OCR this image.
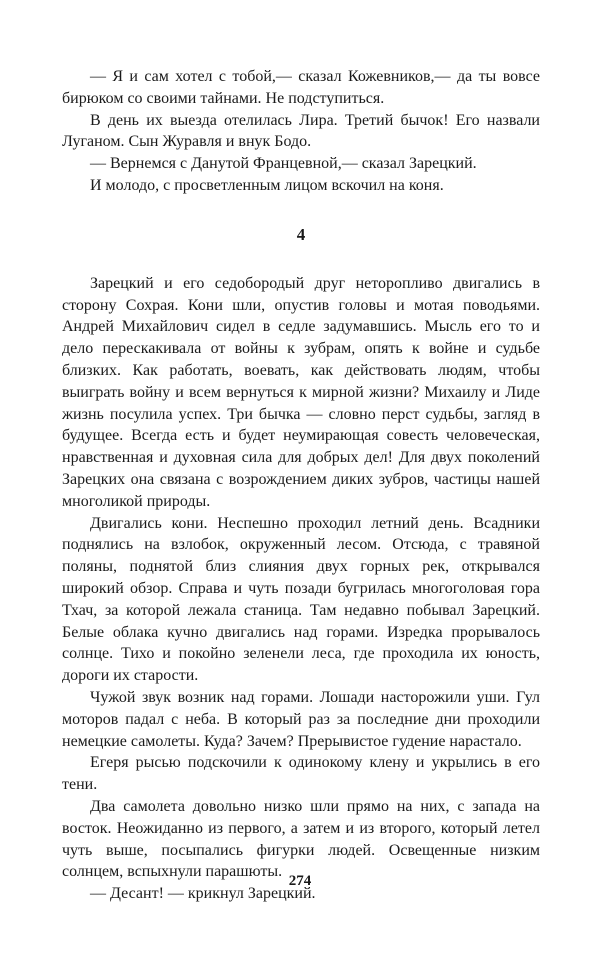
— Я и сам хотел с тобой,— сказал Кожевников,— да ты вовсе бирюком со своими тайнами. Не подступиться.

В день их выезда отелилась Лира. Третий бычок! Его назвали Луганом. Сын Журавля и внук Бодо.

— Вернемся с Данутой Францевной,— сказал Зарецкий.

И молодо, с просветленным лицом вскочил на коня.

4

Зарецкий и его седобородый друг неторопливо двигались в сторону Сохрая. Кони шли, опустив головы и мотая поводьями. Андрей Михайлович сидел в седле задумавшись. Мысль его то и дело перескакивала от войны к зубрам, опять к войне и судьбе близких. Как работать, воевать, как действовать людям, чтобы выиграть войну и всем вернуться к мирной жизни? Михаилу и Лиде жизнь посулила успех. Три бычка — словно перст судьбы, загляд в будущее. Всегда есть и будет неумирающая совесть человеческая, нравственная и духовная сила для добрых дел! Для двух поколений Зарецких она связана с возрождением диких зубров, частицы нашей многоликой природы.

Двигались кони. Неспешно проходил летний день. Всадники поднялись на взлобок, окруженный лесом. Отсюда, с травяной поляны, поднятой близ слияния двух горных рек, открывался широкий обзор. Справа и чуть позади бугрилась многоголовая гора Тхач, за которой лежала станица. Там недавно побывал Зарецкий. Белые облака кучно двигались над горами. Изредка прорывалось солнце. Тихо и покойно зеленели леса, где проходила их юность, дороги их старости.

Чужой звук возник над горами. Лошади насторожили уши. Гул моторов падал с неба. В который раз за последние дни проходили немецкие самолеты. Куда? Зачем? Прерывистое гудение нарастало.

Егеря рысью подскочили к одинокому клену и укрылись в его тени.

Два самолета довольно низко шли прямо на них, с запада на восток. Неожиданно из первого, а затем и из второго, который летел чуть выше, посыпались фигурки людей. Освещенные низким солнцем, вспыхнули парашюты.

— Десант! — крикнул Зарецкий.

274
